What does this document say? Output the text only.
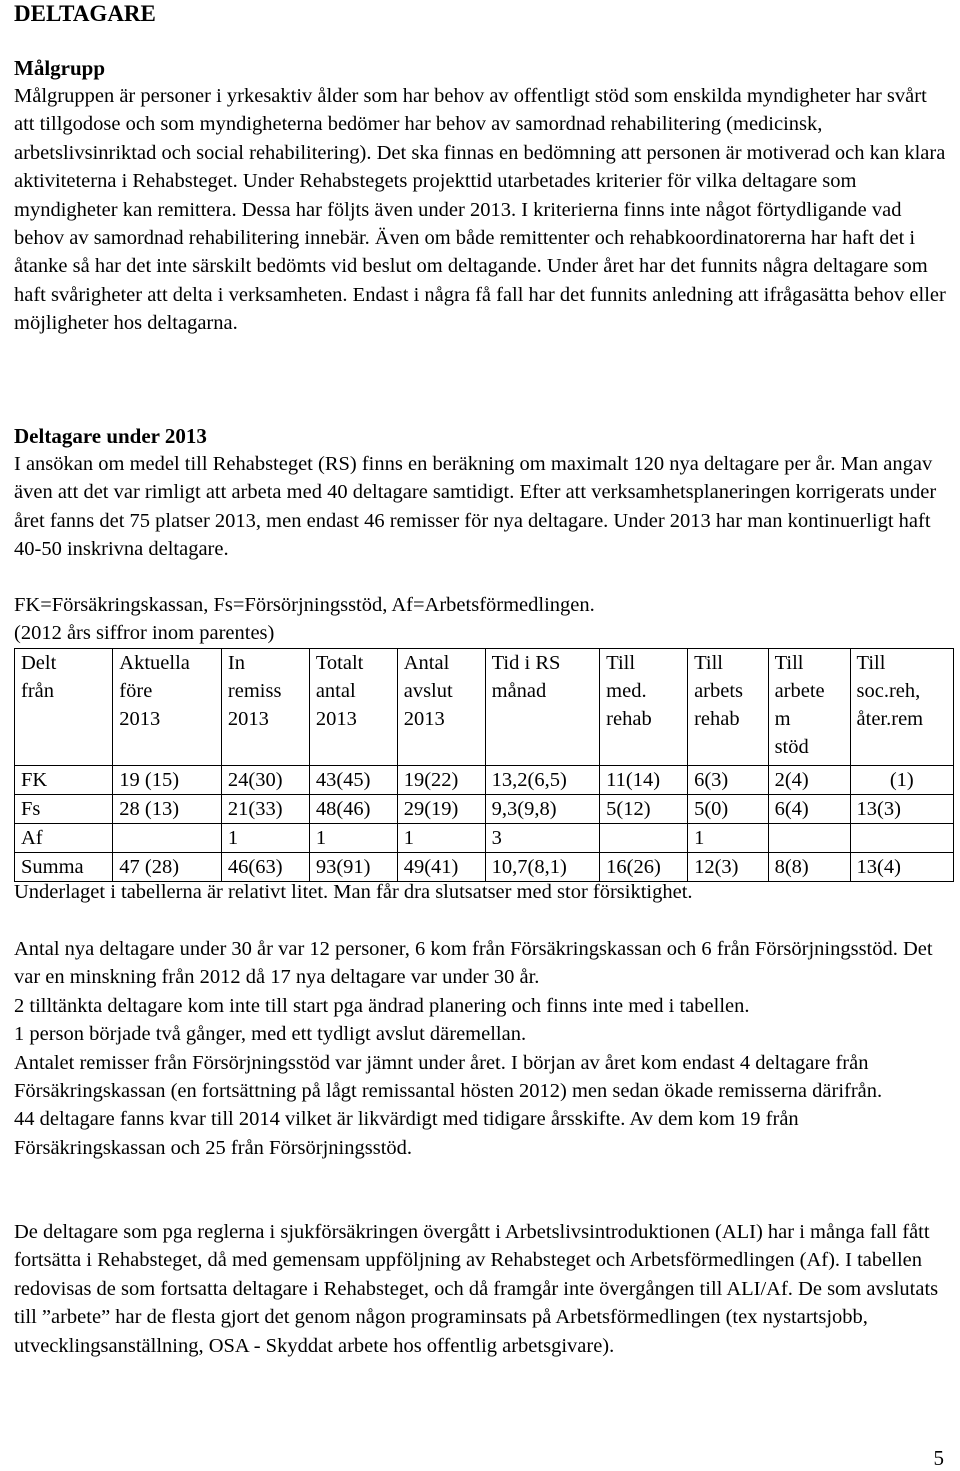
DELTAGARE
Målgrupp

Målgruppen är personer i yrkesaktiv ålder som har behov av offentligt stöd som enskilda myndigheter har svårt att tillgodose och som myndigheterna bedömer har behov av samordnad rehabilitering (medicinsk, arbetslivsinriktad och social rehabilitering). Det ska finnas en bedömning att personen är motiverad och kan klara aktiviteterna i Rehabsteget. Under Rehabstegets projekttid utarbetades kriterier för vilka deltagare som myndigheter kan remittera. Dessa har följts även under 2013. I kriterierna finns inte något förtydligande vad behov av samordnad rehabilitering innebär. Även om både remittenter och rehabkoordinatorerna har haft det i åtanke så har det inte särskilt bedömts vid beslut om deltagande. Under året har det funnits några deltagare som haft svårigheter att delta i verksamheten. Endast i några få fall har det funnits anledning att ifrågasätta behov eller möjligheter hos deltagarna.

Deltagare under 2013

I ansökan om medel till Rehabsteget (RS) finns en beräkning om maximalt 120 nya deltagare per år. Man angav även att det var rimligt att arbeta med 40 deltagare samtidigt. Efter att verksamhetsplaneringen korrigerats under året fanns det 75 platser 2013, men endast 46 remisser för nya deltagare. Under 2013 har man kontinuerligt haft 40-50 inskrivna deltagare.

FK=Försäkringskassan, Fs=Försörjningsstöd, Af=Arbetsförmedlingen.

(2012 års siffror inom parentes)

Delt
från	Aktuella
före
2013	In
remiss
2013	Totalt
antal
2013	Antal
avslut
2013	Tid i RS
månad	Till
med.
rehab	Till
arbets
rehab	Till
arbete
m
stöd	Till
soc.reh,
åter.rem

FK	19 (15)	24(30)	43(45)	19(22)	13,2(6,5)	11(14)	6(3)	2(4)	(1)
Fs	28 (13)	21(33)	48(46)	29(19)	9,3(9,8)	5(12)	5(0)	6(4)	13(3)
Af		1	1	1	3		1		
Summa	47 (28)	46(63)	93(91)	49(41)	10,7(8,1)	16(26)	12(3)	8(8)	13(4)

Underlaget i tabellerna är relativt litet. Man får dra slutsatser med stor försiktighet.

Antal nya deltagare under 30 år var 12 personer, 6 kom från Försäkringskassan och 6 från Försörjningsstöd. Det var en minskning från 2012 då 17 nya deltagare var under 30 år.

2 tilltänkta deltagare kom inte till start pga ändrad planering och finns inte med i tabellen.

1 person började två gånger, med ett tydligt avslut däremellan.

Antalet remisser från Försörjningsstöd var jämnt under året. I början av året kom endast 4 deltagare från Försäkringskassan (en fortsättning på lågt remissantal hösten 2012) men sedan ökade remisserna därifrån.

44 deltagare fanns kvar till 2014 vilket är likvärdigt med tidigare årsskifte. Av dem kom 19 från Försäkringskassan och 25 från Försörjningsstöd.

De deltagare som pga reglerna i sjukförsäkringen övergått i Arbetslivsintroduktionen (ALI) har i många fall fått fortsätta i Rehabsteget, då med gemensam uppföljning av Rehabsteget och Arbetsförmedlingen (Af). I tabellen redovisas de som fortsatta deltagare i Rehabsteget, och då framgår inte övergången till ALI/Af. De som avslutats till ”arbete” har de flesta gjort det genom någon programinsats på Arbetsförmedlingen (tex nystartsjobb, utvecklingsanställning, OSA - Skyddat arbete hos offentlig arbetsgivare).

5
